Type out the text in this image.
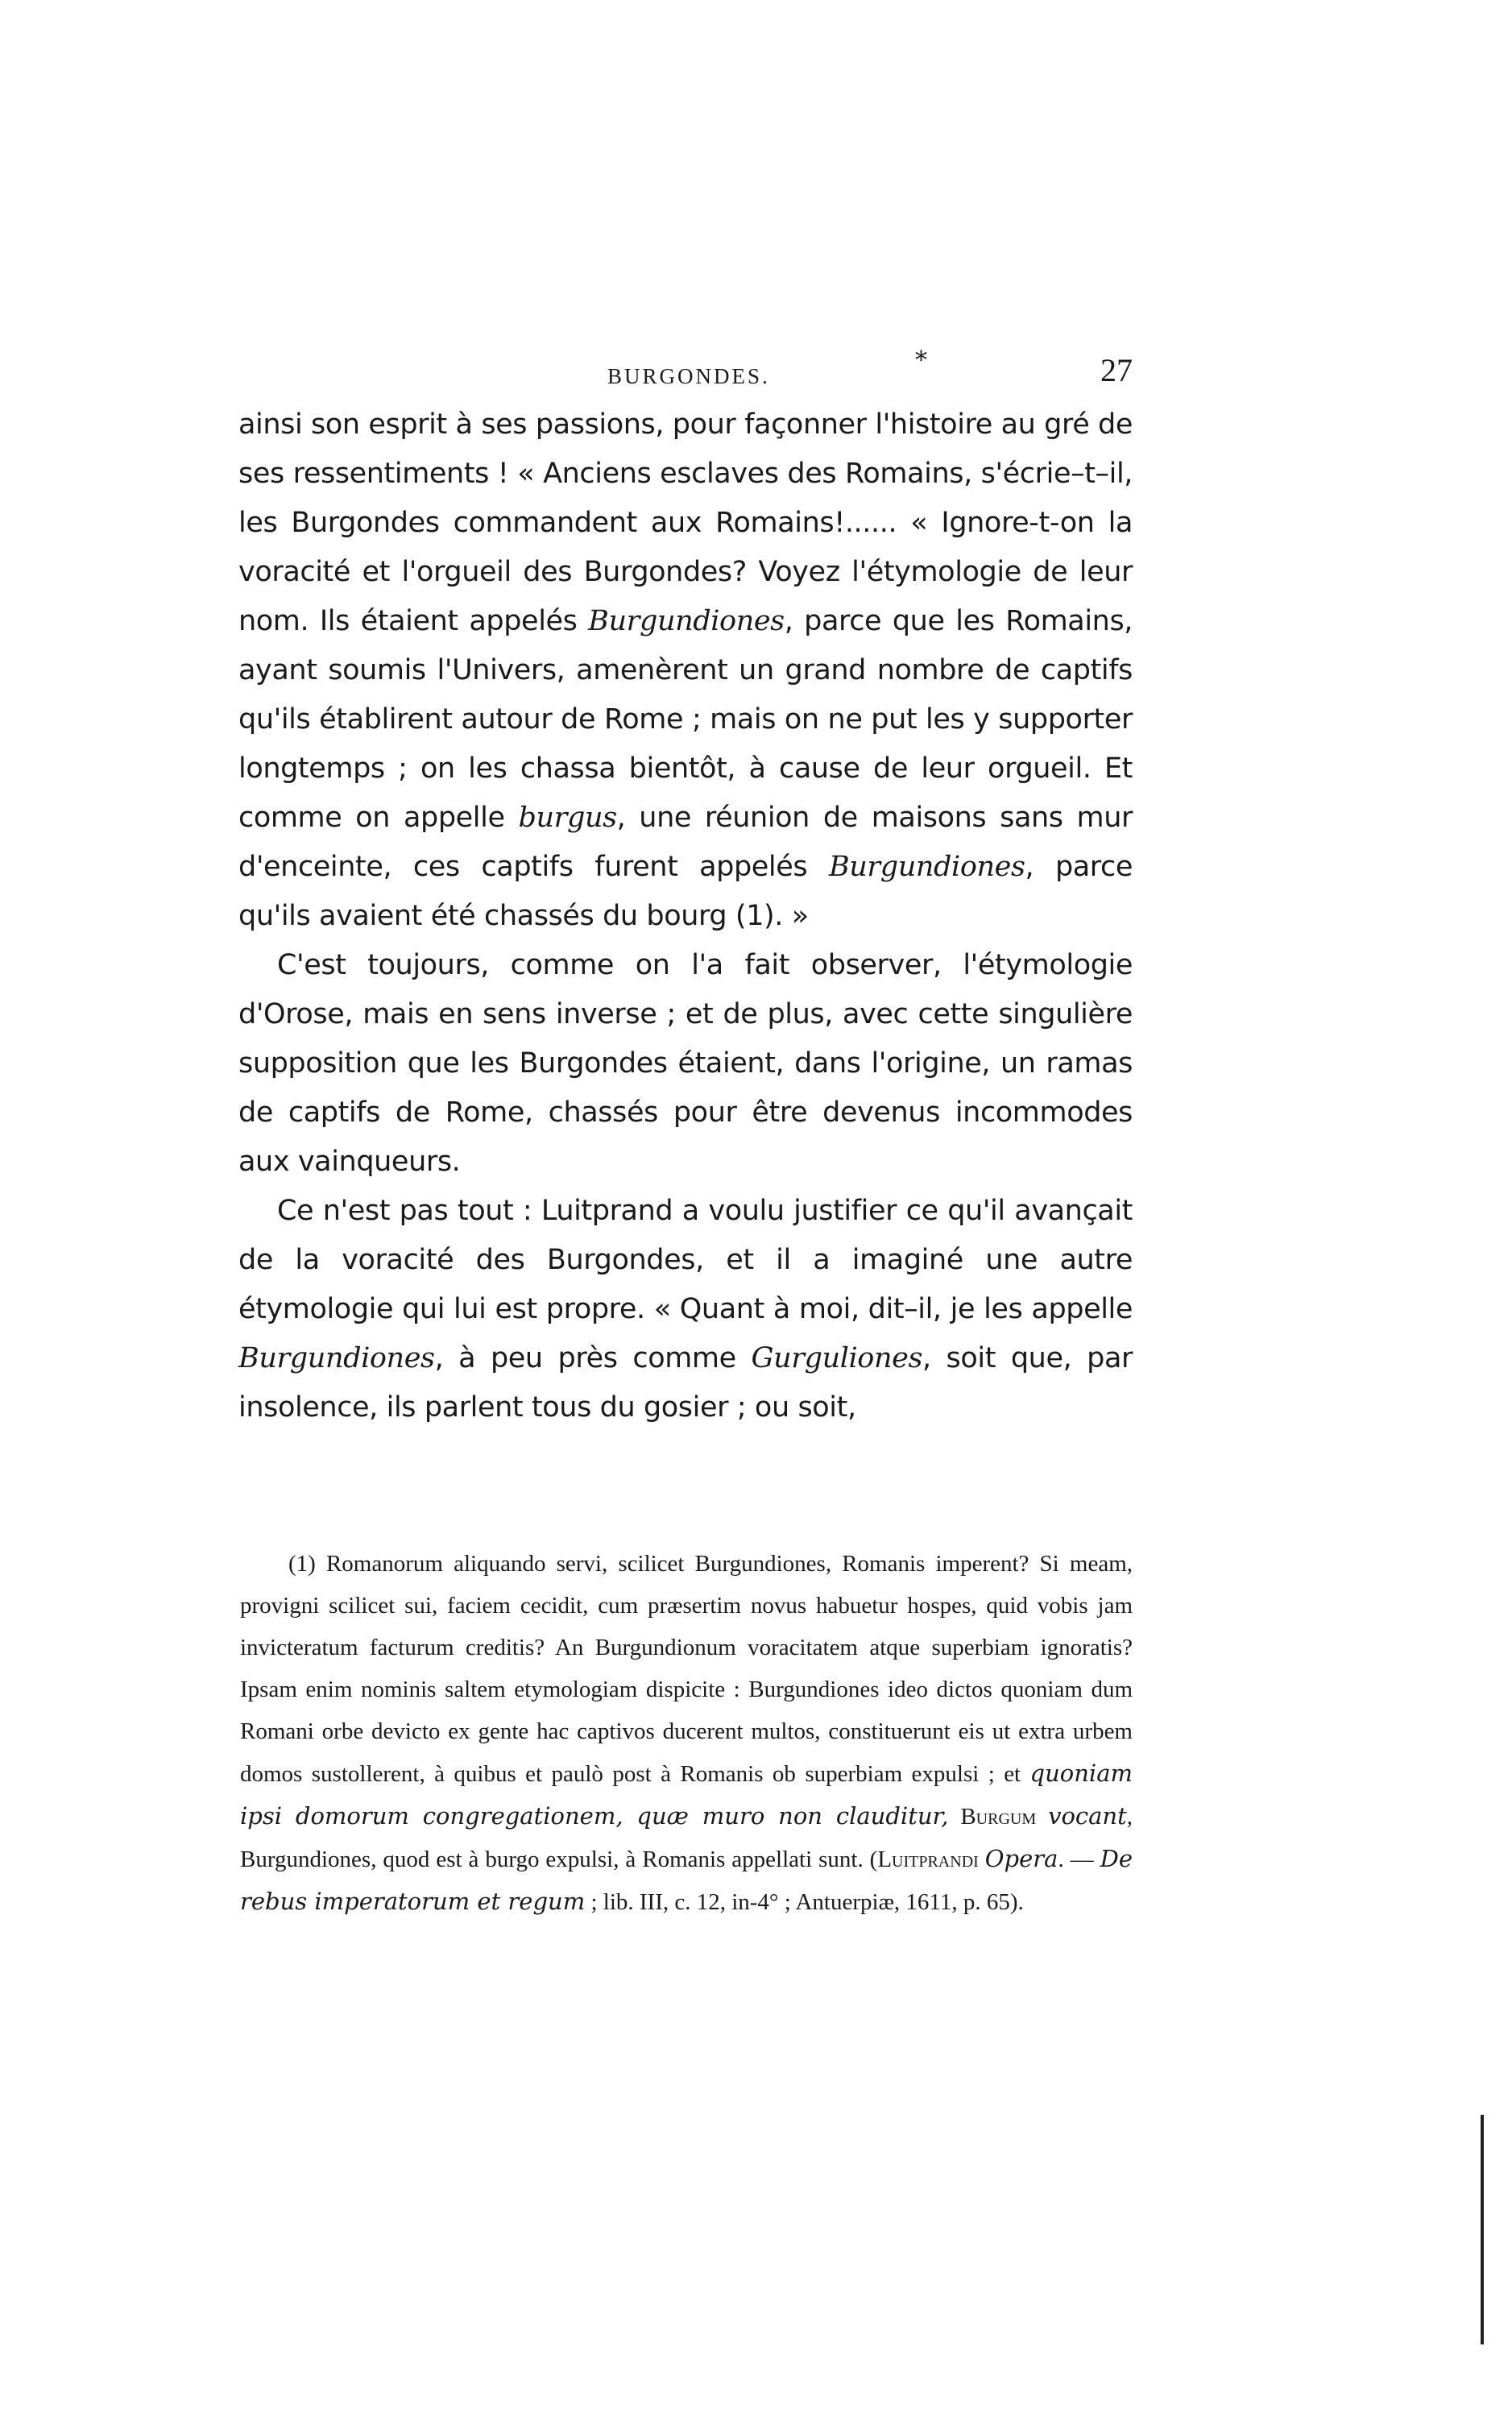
BURGONDES.
*	27

ainsi son esprit à ses passions, pour façonner l'histoire au gré de ses ressentiments ! « Anciens esclaves des Romains, s'écrie–t–il, les Burgondes commandent aux Romains!...... « Ignore-t-on la voracité et l'orgueil des Burgondes? Voyez l'étymologie de leur nom. Ils étaient appelés Burgundiones, parce que les Romains, ayant soumis l'Univers, amenèrent un grand nombre de captifs qu'ils établirent autour de Rome ; mais on ne put les y supporter longtemps ; on les chassa bientôt, à cause de leur orgueil. Et comme on appelle burgus, une réunion de maisons sans mur d'enceinte, ces captifs furent appelés Burgundiones, parce qu'ils avaient été chassés du bourg (1). »

C'est toujours, comme on l'a fait observer, l'étymologie d'Orose, mais en sens inverse ; et de plus, avec cette singulière supposition que les Burgondes étaient, dans l'origine, un ramas de captifs de Rome, chassés pour être devenus incommodes aux vainqueurs.

Ce n'est pas tout : Luitprand a voulu justifier ce qu'il avançait de la voracité des Burgondes, et il a imaginé une autre étymologie qui lui est propre. « Quant à moi, dit–il, je les appelle Burgundiones, à peu près comme Gurguliones, soit que, par insolence, ils parlent tous du gosier ; ou soit,

(1) Romanorum aliquando servi, scilicet Burgundiones, Romanis imperent? Si meam, provigni scilicet sui, faciem cecidit, cum præsertim novus habuetur hospes, quid vobis jam invicteratum facturum creditis? An Burgundionum voracitatem atque superbiam ignoratis? Ipsam enim nominis saltem etymologiam dispicite : Burgundiones ideo dictos quoniam dum Romani orbe devicto ex gente hac captivos ducerent multos, constituerunt eis ut extra urbem domos sustollerent, à quibus et paulò post à Romanis ob superbiam expulsi ; et quoniam ipsi domorum congregationem, quæ muro non clauditur, Burgum vocant, Burgundiones, quod est à burgo expulsi, à Romanis appellati sunt. (Luitprandi Opera. — De rebus imperatorum et regum ; lib. III, c. 12, in-4° ; Antuerpiæ, 1611, p. 65).
